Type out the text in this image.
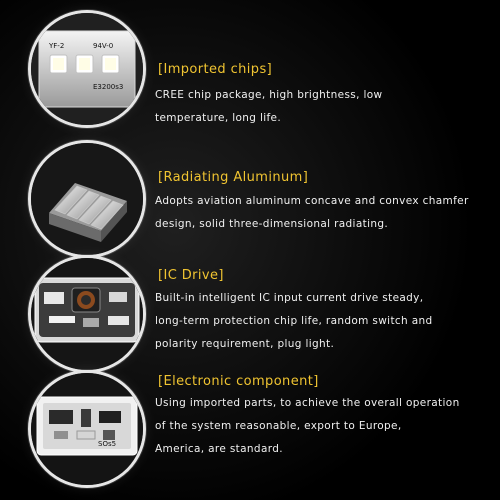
YF-2	94V-0
E3200s3
[Imported chips]
CREE chip package, high brightness, low
temperature, long life.
[Radiating Aluminum]
Adopts aviation aluminum concave and convex chamfer
design, solid three-dimensional radiating.
[IC Drive]
Built-in intelligent IC input current drive steady,
long-term protection chip life, random switch and
polarity requirement, plug light.
SOs5
[Electronic component]
Using imported parts, to achieve the overall operation
of the system reasonable, export to Europe,
America, are standard.
